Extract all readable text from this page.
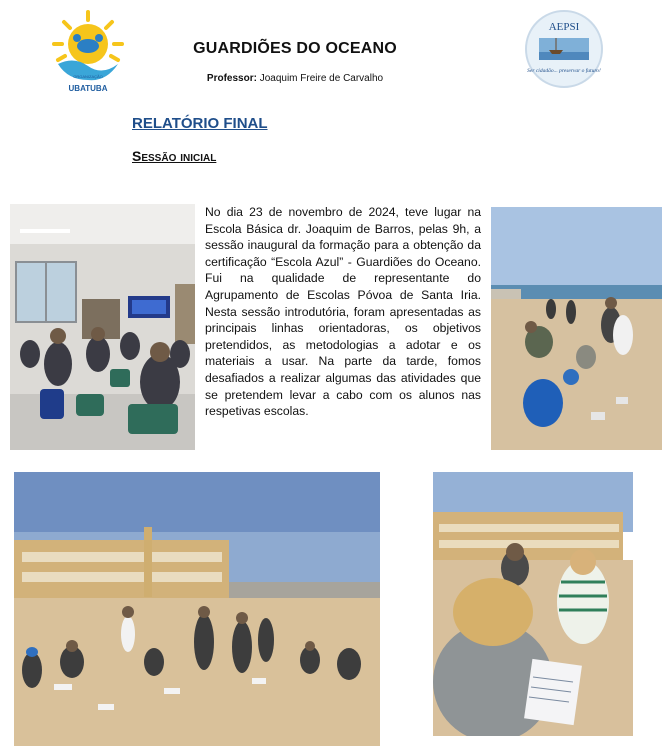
ORGANIZAÇÃO
UBATUBA
AEPSI
Ser cidadão... preservar o futuro!
GUARDIÕES DO OCEANO
Professor: Joaquim Freire de Carvalho
RELATÓRIO FINAL
Sessão inicial
No dia 23 de novembro de 2024, teve lugar na Escola Básica dr. Joaquim de Barros, pelas 9h, a sessão inaugural da formação para a obtenção da certificação “Escola Azul” - Guardiões do Oceano. Fui na qualidade de representante do Agrupamento de Escolas Póvoa de Santa Iria. Nesta sessão introdutória, foram apresentadas as principais linhas orientadoras, os objetivos pretendidos, as metodologias a adotar e os materiais a usar. Na parte da tarde, fomos desafiados a realizar algumas das atividades que se pretendem levar a cabo com os alunos nas respetivas escolas.
